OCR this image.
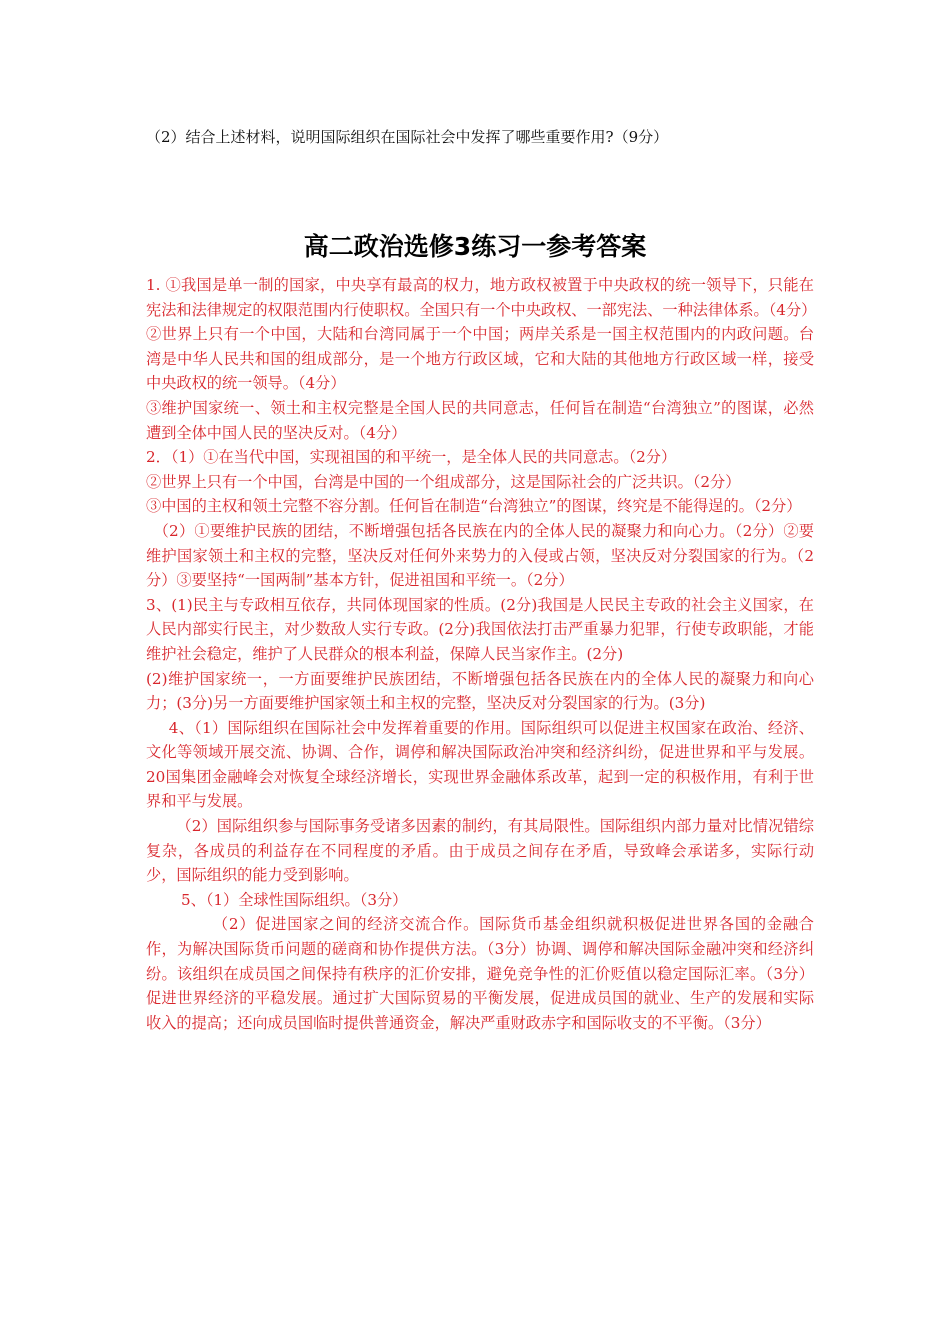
（2）结合上述材料，说明国际组织在国际社会中发挥了哪些重要作用?（9分）
高二政治选修3练习一参考答案

1. ①我国是单一制的国家，中央享有最高的权力，地方政权被置于中央政权的统一领导下，只能在宪法和法律规定的权限范围内行使职权。全国只有一个中央政权、一部宪法、一种法律体系。（4分）

②世界上只有一个中国，大陆和台湾同属于一个中国；两岸关系是一国主权范围内的内政问题。台湾是中华人民共和国的组成部分，是一个地方行政区域，它和大陆的其他地方行政区域一样，接受中央政权的统一领导。（4分）

③维护国家统一、领土和主权完整是全国人民的共同意志，任何旨在制造“台湾独立”的图谋，必然遭到全体中国人民的坚决反对。（4分）

2．（1）①在当代中国，实现祖国的和平统一，是全体人民的共同意志。（2分）

②世界上只有一个中国，台湾是中国的一个组成部分，这是国际社会的广泛共识。（2分）

③中国的主权和领土完整不容分割。任何旨在制造“台湾独立”的图谋，终究是不能得逞的。（2分）

（2）①要维护民族的团结，不断增强包括各民族在内的全体人民的凝聚力和向心力。（2分）②要维护国家领土和主权的完整，坚决反对任何外来势力的入侵或占领，坚决反对分裂国家的行为。（2分）③要坚持“一国两制”基本方针，促进祖国和平统一。（2分）

3、(1)民主与专政相互依存，共同体现国家的性质。(2分)我国是人民民主专政的社会主义国家，在人民内部实行民主，对少数敌人实行专政。(2分)我国依法打击严重暴力犯罪，行使专政职能，才能维护社会稳定，维护了人民群众的根本利益，保障人民当家作主。(2分)

(2)维护国家统一，一方面要维护民族团结，不断增强包括各民族在内的全体人民的凝聚力和向心力；(3分)另一方面要维护国家领土和主权的完整，坚决反对分裂国家的行为。(3分)

4、（1）国际组织在国际社会中发挥着重要的作用。国际组织可以促进主权国家在政治、经济、文化等领域开展交流、协调、合作，调停和解决国际政治冲突和经济纠纷，促进世界和平与发展。20国集团金融峰会对恢复全球经济增长，实现世界金融体系改革，起到一定的积极作用，有利于世界和平与发展。

（2）国际组织参与国际事务受诸多因素的制约，有其局限性。国际组织内部力量对比情况错综复杂，各成员的利益存在不同程度的矛盾。由于成员之间存在矛盾，导致峰会承诺多，实际行动少，国际组织的能力受到影响。

5、（1）全球性国际组织。（3分）

（2）促进国家之间的经济交流合作。国际货币基金组织就积极促进世界各国的金融合作，为解决国际货币问题的磋商和协作提供方法。（3分）协调、调停和解决国际金融冲突和经济纠纷。该组织在成员国之间保持有秩序的汇价安排，避免竞争性的汇价贬值以稳定国际汇率。（3分）促进世界经济的平稳发展。通过扩大国际贸易的平衡发展，促进成员国的就业、生产的发展和实际收入的提高；还向成员国临时提供普通资金，解决严重财政赤字和国际收支的不平衡。（3分）
